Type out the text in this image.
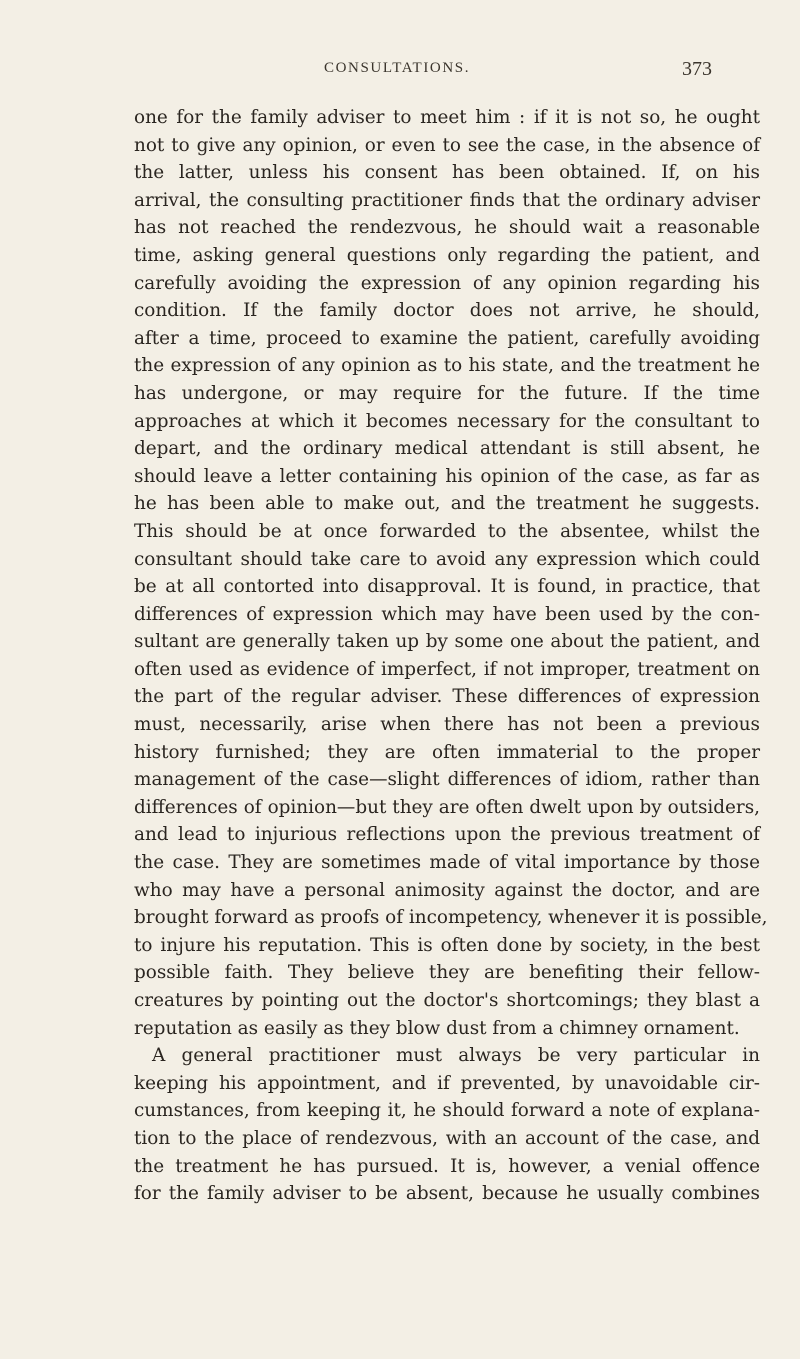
CONSULTATIONS.	373
one for the family adviser to meet him : if it is not so, he ought
not to give any opinion, or even to see the case, in the absence of
the latter, unless his consent has been obtained. If, on his
arrival, the consulting practitioner finds that the ordinary adviser
has not reached the rendezvous, he should wait a reasonable
time, asking general questions only regarding the patient, and
carefully avoiding the expression of any opinion regarding his
condition. If the family doctor does not arrive, he should,
after a time, proceed to examine the patient, carefully avoiding
the expression of any opinion as to his state, and the treatment he
has undergone, or may require for the future. If the time
approaches at which it becomes necessary for the consultant to
depart, and the ordinary medical attendant is still absent, he
should leave a letter containing his opinion of the case, as far as
he has been able to make out, and the treatment he suggests.
This should be at once forwarded to the absentee, whilst the
consultant should take care to avoid any expression which could
be at all contorted into disapproval. It is found, in practice, that
differences of expression which may have been used by the con-
sultant are generally taken up by some one about the patient, and
often used as evidence of imperfect, if not improper, treatment on
the part of the regular adviser. These differences of expression
must, necessarily, arise when there has not been a previous
history furnished; they are often immaterial to the proper
management of the case—slight differences of idiom, rather than
differences of opinion—but they are often dwelt upon by outsiders,
and lead to injurious reflections upon the previous treatment of
the case. They are sometimes made of vital importance by those
who may have a personal animosity against the doctor, and are
brought forward as proofs of incompetency, whenever it is possible,
to injure his reputation. This is often done by society, in the best
possible faith. They believe they are benefiting their fellow-
creatures by pointing out the doctor's shortcomings; they blast a
reputation as easily as they blow dust from a chimney ornament.
A general practitioner must always be very particular in
keeping his appointment, and if prevented, by unavoidable cir-
cumstances, from keeping it, he should forward a note of explana-
tion to the place of rendezvous, with an account of the case, and
the treatment he has pursued. It is, however, a venial offence
for the family adviser to be absent, because he usually combines
